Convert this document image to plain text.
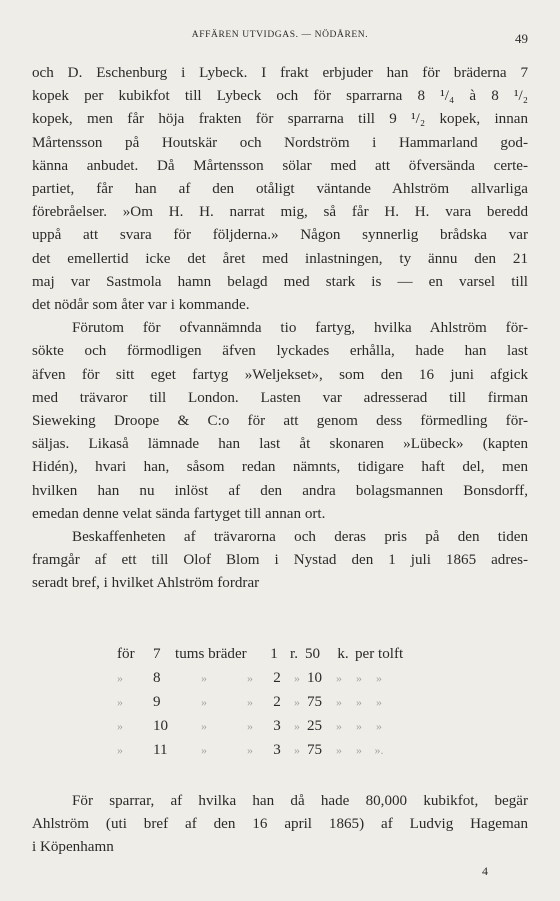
AFFÄREN UTVIDGAS. — NÖDÅREN.	49
och D. Eschenburg i Lybeck. I frakt erbjuder han för bräderna 7
kopek per kubikfot till Lybeck och för sparrarna 8 ¹/₄ à 8 ¹/₂
kopek, men får höja frakten för sparrarna till 9 ¹/₂ kopek, innan
Mårtensson på Houtskär och Nordström i Hammarland god-
känna anbudet. Då Mårtensson sölar med att öfversända certe-
partiet, får han af den otåligt väntande Ahlström allvarliga
förebråelser. »Om H. H. narrat mig, så får H. H. vara beredd
uppå att svara för följderna.» Någon synnerlig brådska var
det emellertid icke det året med inlastningen, ty ännu den 21
maj var Sastmola hamn belagd med stark is — en varsel till
det nödår som åter var i kommande.
Förutom för ofvannämnda tio fartyg, hvilka Ahlström för-
sökte och förmodligen äfven lyckades erhålla, hade han last
äfven för sitt eget fartyg »Weljekset», som den 16 juni afgick
med trävaror till London. Lasten var adresserad till firman
Sieweking Droope & C:o för att genom dess förmedling för-
säljas. Likaså lämnade han last åt skonaren »Lübeck» (kapten
Hidén), hvari han, såsom redan nämnts, tidigare haft del, men
hvilken han nu inlöst af den andra bolagsmannen Bonsdorff,
emedan denne velat sända fartyget till annan ort.
Beskaffenheten af trävarorna och deras pris på den tiden
framgår af ett till Olof Blom i Nystad den 1 juli 1865 adres-
seradt bref, i hvilket Ahlström fordrar
för	7 tums bräder	1 r. 50	k. per tolft
»	8	»	»	2	» 10	»	»	»
»	9	»	»	2	» 75	»	»	»
»	10	»	»	3	» 25	»	»	»
»	11	»	»	3	» 75	»	»	».
För sparrar, af hvilka han då hade 80,000 kubikfot, begär
Ahlström (uti bref af den 16 april 1865) af Ludvig Hageman
i Köpenhamn
4
